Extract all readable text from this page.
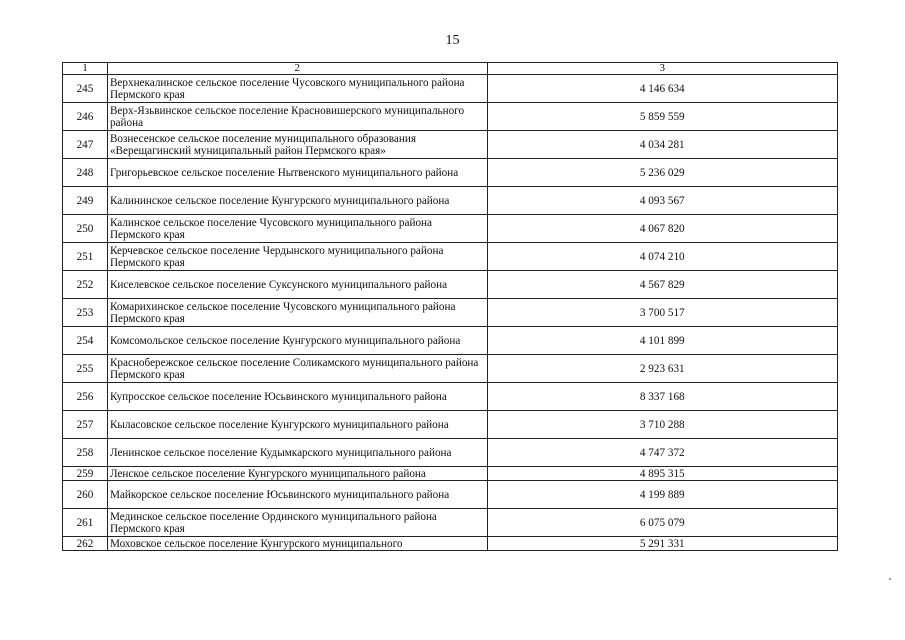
15
1	2	3
245	Верхнекалинское сельское поселение Чусовского муниципального района Пермского края	4 146 634
246	Верх-Язьвинское сельское поселение Красновишерского муниципального района	5 859 559
247	Вознесенское сельское поселение муниципального образования «Верещагинский муниципальный район Пермского края»	4 034 281
248	Григорьевское сельское поселение Нытвенского муниципального района	5 236 029
249	Калининское сельское поселение Кунгурского муниципального района	4 093 567
250	Калинское сельское поселение Чусовского муниципального района Пермского края	4 067 820
251	Керчевское сельское поселение Чердынского муниципального района Пермского края	4 074 210
252	Киселевское сельское поселение Суксунского муниципального района	4 567 829
253	Комарихинское сельское поселение Чусовского муниципального района Пермского края	3 700 517
254	Комсомольское сельское поселение Кунгурского муниципального района	4 101 899
255	Краснобережское сельское поселение Соликамского муниципального района Пермского края	2 923 631
256	Купросское сельское поселение Юсьвинского муниципального района	8 337 168
257	Кыласовское сельское поселение Кунгурского муниципального района	3 710 288
258	Ленинское сельское поселение Кудымкарского муниципального района	4 747 372
259	Ленское сельское поселение Кунгурского муниципального района	4 895 315
260	Майкорское сельское поселение Юсьвинского муниципального района	4 199 889
261	Мединское сельское поселение Ординского муниципального района Пермского края	6 075 079
262	Моховское сельское поселение Кунгурского муниципального	5 291 331
